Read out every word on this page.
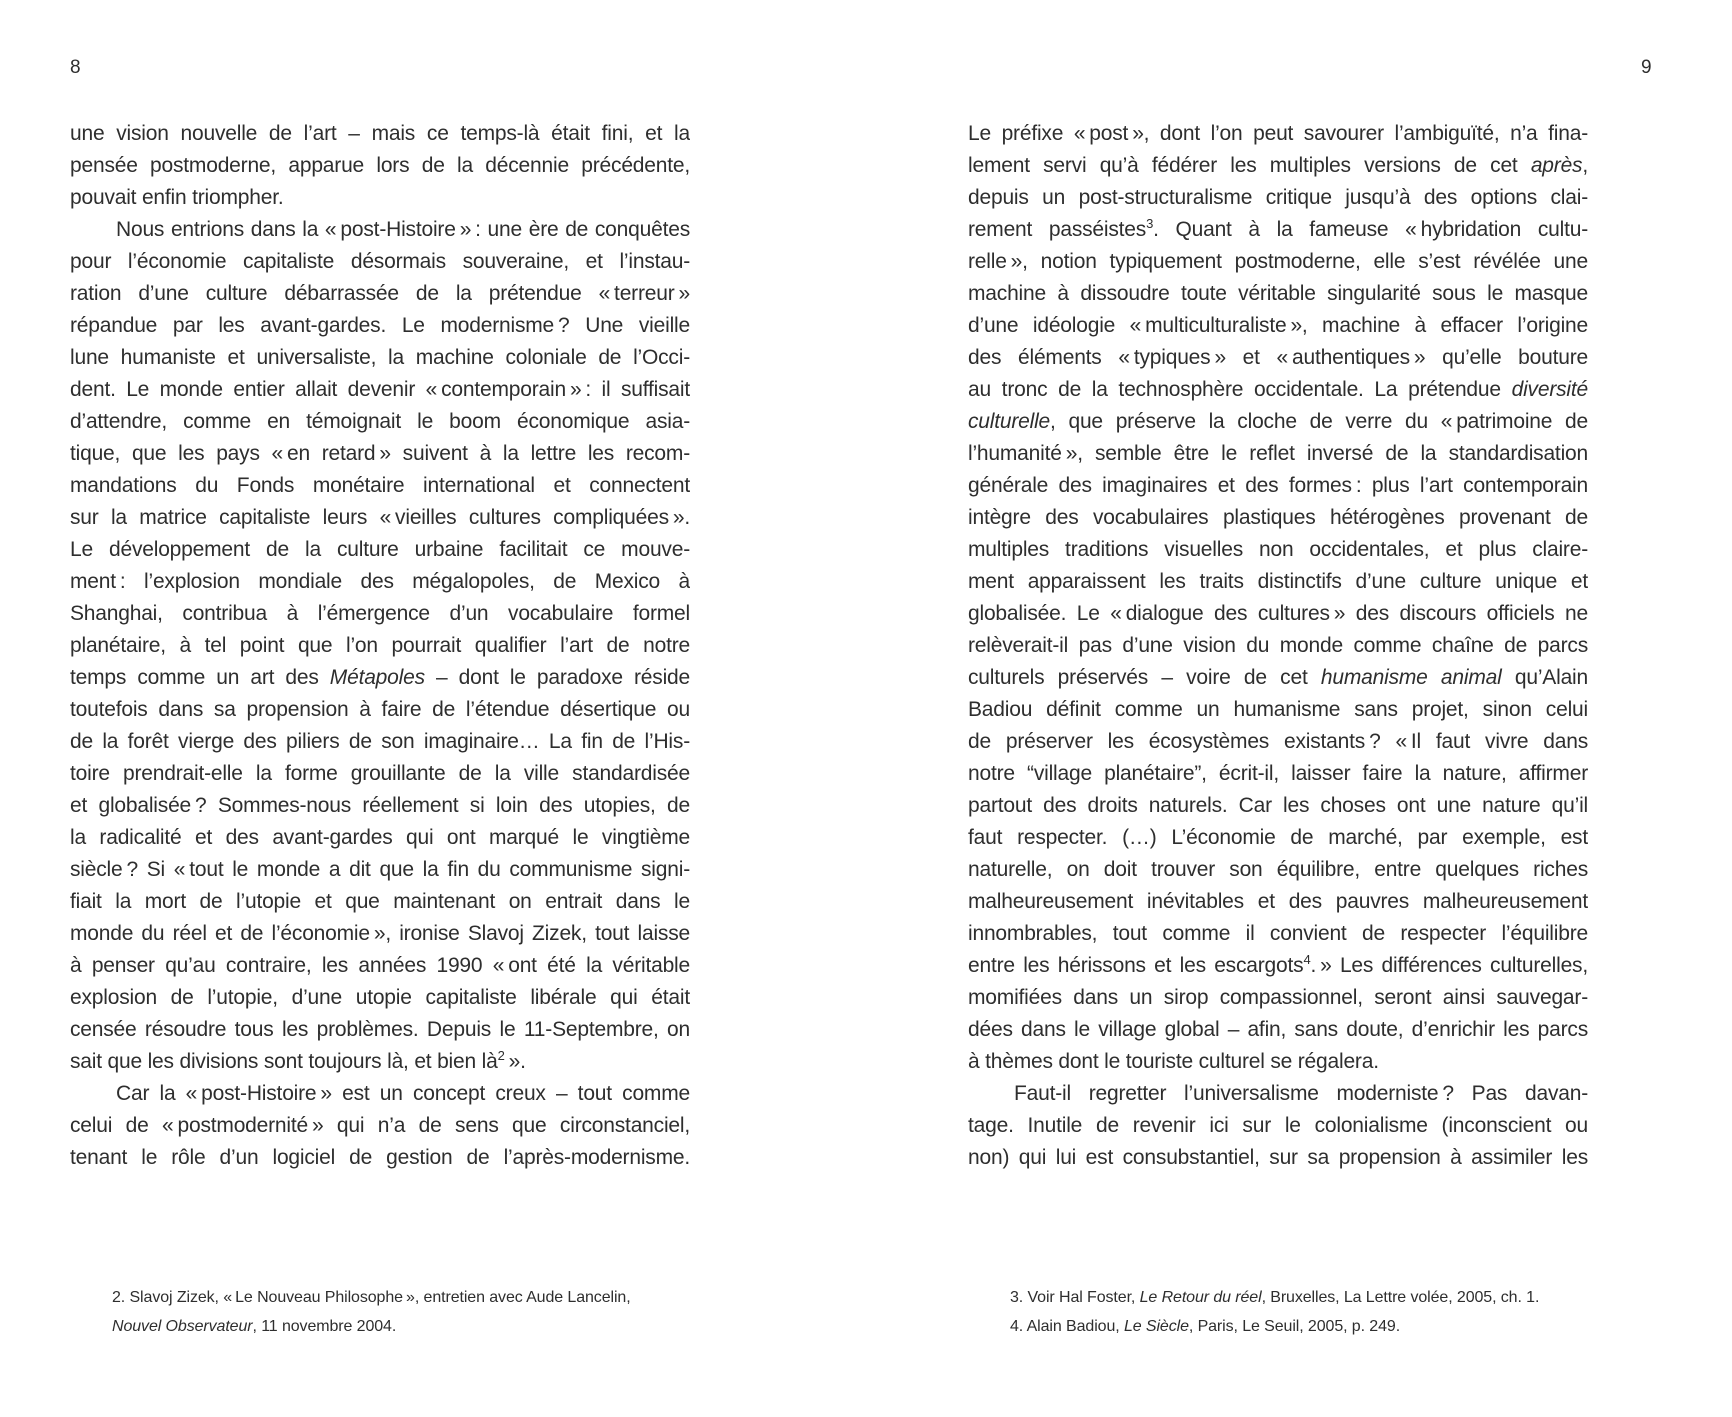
8	9
une vision nouvelle de l’art – mais ce temps-là était fini, et la
pensée postmoderne, apparue lors de la décennie précédente,
pouvait enfin triompher.
Nous entrions dans la « post-Histoire » : une ère de conquêtes
pour l’économie capitaliste désormais souveraine, et l’instau-
ration d’une culture débarrassée de la prétendue « terreur »
répandue par les avant-gardes. Le modernisme ? Une vieille
lune humaniste et universaliste, la machine coloniale de l’Occi-
dent. Le monde entier allait devenir « contemporain » : il suffisait
d’attendre, comme en témoignait le boom économique asia-
tique, que les pays « en retard » suivent à la lettre les recom-
mandations du Fonds monétaire international et connectent
sur la matrice capitaliste leurs « vieilles cultures compliquées ».
Le développement de la culture urbaine facilitait ce mouve-
ment : l’explosion mondiale des mégalopoles, de Mexico à
Shanghai, contribua à l’émergence d’un vocabulaire formel
planétaire, à tel point que l’on pourrait qualifier l’art de notre
temps comme un art des Métapoles – dont le paradoxe réside
toutefois dans sa propension à faire de l’étendue désertique ou
de la forêt vierge des piliers de son imaginaire… La fin de l’His-
toire prendrait-elle la forme grouillante de la ville standardisée
et globalisée ? Sommes-nous réellement si loin des utopies, de
la radicalité et des avant-gardes qui ont marqué le vingtième
siècle ? Si « tout le monde a dit que la fin du communisme signi-
fiait la mort de l’utopie et que maintenant on entrait dans le
monde du réel et de l’économie », ironise Slavoj Zizek, tout laisse
à penser qu’au contraire, les années 1990 « ont été la véritable
explosion de l’utopie, d’une utopie capitaliste libérale qui était
censée résoudre tous les problèmes. Depuis le 11-Septembre, on
sait que les divisions sont toujours là, et bien $là^2$ ».
Car la « post-Histoire » est un concept creux – tout comme
celui de « postmodernité » qui n’a de sens que circonstanciel,
tenant le rôle d’un logiciel de gestion de l’après-modernisme.
2. Slavoj Zizek, « Le Nouveau Philosophe », entretien avec Aude Lancelin,
Nouvel Observateur, 11 novembre 2004.
Le préfixe « post », dont l’on peut savourer l’ambiguïté, n’a fina-
lement servi qu’à fédérer les multiples versions de cet après,
depuis un post-structuralisme critique jusqu’à des options clai-
rement passéistes$^3$. Quant à la fameuse « hybridation cultu-
relle », notion typiquement postmoderne, elle s’est révélée une
machine à dissoudre toute véritable singularité sous le masque
d’une idéologie « multiculturaliste », machine à effacer l’origine
des éléments « typiques » et « authentiques » qu’elle bouture
au tronc de la technosphère occidentale. La prétendue diversité
culturelle, que préserve la cloche de verre du « patrimoine de
l’humanité », semble être le reflet inversé de la standardisation
générale des imaginaires et des formes : plus l’art contemporain
intègre des vocabulaires plastiques hétérogènes provenant de
multiples traditions visuelles non occidentales, et plus claire-
ment apparaissent les traits distinctifs d’une culture unique et
globalisée. Le « dialogue des cultures » des discours officiels ne
relèverait-il pas d’une vision du monde comme chaîne de parcs
culturels préservés – voire de cet humanisme animal qu’Alain
Badiou définit comme un humanisme sans projet, sinon celui
de préserver les écosystèmes existants ? « Il faut vivre dans
notre “village planétaire”, écrit-il, laisser faire la nature, affirmer
partout des droits naturels. Car les choses ont une nature qu’il
faut respecter. (…) L’économie de marché, par exemple, est
naturelle, on doit trouver son équilibre, entre quelques riches
malheureusement inévitables et des pauvres malheureusement
innombrables, tout comme il convient de respecter l’équilibre
entre les hérissons et les escargots$^4$. » Les différences culturelles,
momifiées dans un sirop compassionnel, seront ainsi sauvegar-
dées dans le village global – afin, sans doute, d’enrichir les parcs
à thèmes dont le touriste culturel se régalera.
Faut-il regretter l’universalisme moderniste ? Pas davan-
tage. Inutile de revenir ici sur le colonialisme (inconscient ou
non) qui lui est consubstantiel, sur sa propension à assimiler les
3. Voir Hal Foster, Le Retour du réel, Bruxelles, La Lettre volée, 2005, ch. 1.
4. Alain Badiou, Le Siècle, Paris, Le Seuil, 2005, p. 249.
